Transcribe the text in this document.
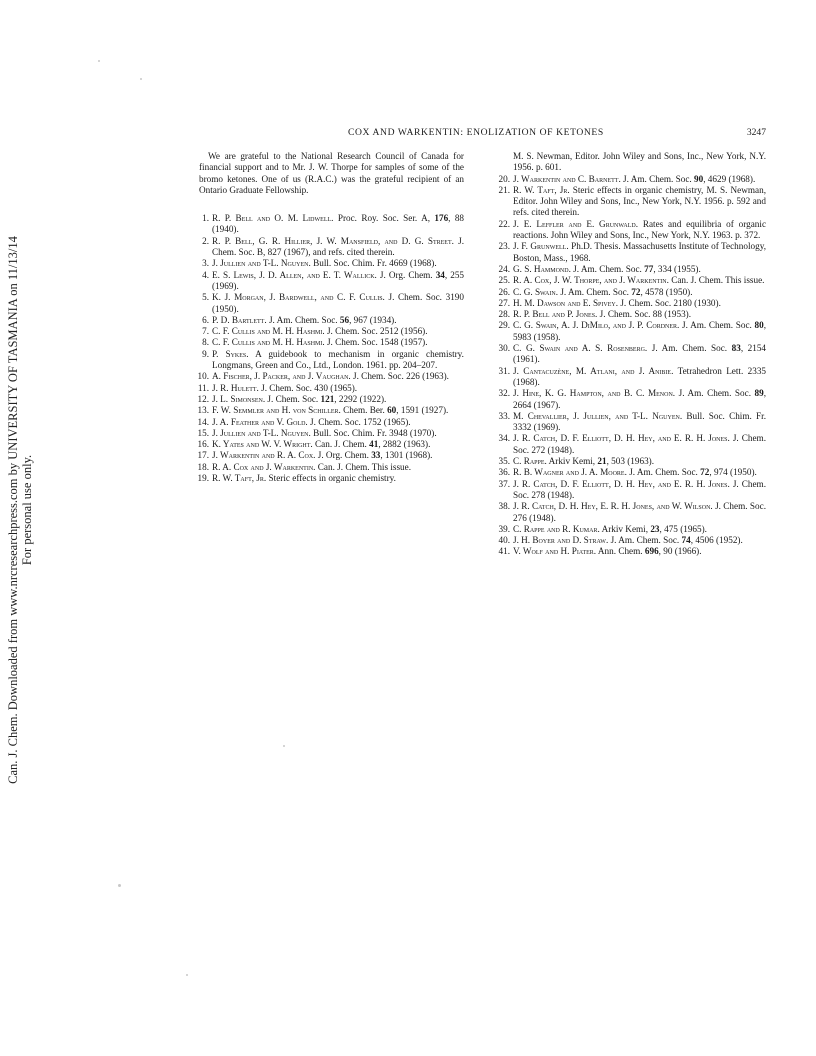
Can. J. Chem. Downloaded from www.nrcresearchpress.com by UNIVERSITY OF TASMANIA on 11/13/14 For personal use only.
COX AND WARKENTIN: ENOLIZATION OF KETONES	3247

We are grateful to the National Research Council of Canada for financial support and to Mr. J. W. Thorpe for samples of some of the bromo ketones. One of us (R.A.C.) was the grateful recipient of an Ontario Graduate Fellowship.

1. R. P. Bell and O. M. Lidwell. Proc. Roy. Soc. Ser. A, 176, 88 (1940).
2. R. P. Bell, G. R. Hillier, J. W. Mansfield, and D. G. Street. J. Chem. Soc. B, 827 (1967), and refs. cited therein.
3. J. Jullien and T-L. Nguyen. Bull. Soc. Chim. Fr. 4669 (1968).
4. E. S. Lewis, J. D. Allen, and E. T. Wallick. J. Org. Chem. 34, 255 (1969).
5. K. J. Morgan, J. Bardwell, and C. F. Cullis. J. Chem. Soc. 3190 (1950).
6. P. D. Bartlett. J. Am. Chem. Soc. 56, 967 (1934).
7. C. F. Cullis and M. H. Hashmi. J. Chem. Soc. 2512 (1956).
8. C. F. Cullis and M. H. Hashmi. J. Chem. Soc. 1548 (1957).
9. P. Sykes. A guidebook to mechanism in organic chemistry. Longmans, Green and Co., Ltd., London. 1961. pp. 204–207.
10. A. Fischer, J. Packer, and J. Vaughan. J. Chem. Soc. 226 (1963).
11. J. R. Hulett. J. Chem. Soc. 430 (1965).
12. J. L. Simonsen. J. Chem. Soc. 121, 2292 (1922).
13. F. W. Semmler and H. von Schiller. Chem. Ber. 60, 1591 (1927).
14. J. A. Feather and V. Gold. J. Chem. Soc. 1752 (1965).
15. J. Jullien and T-L. Nguyen. Bull. Soc. Chim. Fr. 3948 (1970).
16. K. Yates and W. V. Wright. Can. J. Chem. 41, 2882 (1963).
17. J. Warkentin and R. A. Cox. J. Org. Chem. 33, 1301 (1968).
18. R. A. Cox and J. Warkentin. Can. J. Chem. This issue.
19. R. W. Taft, Jr. Steric effects in organic chemistry.

M. S. Newman, Editor. John Wiley and Sons, Inc., New York, N.Y. 1956. p. 601.

20. J. Warkentin and C. Barnett. J. Am. Chem. Soc. 90, 4629 (1968).
21. R. W. Taft, Jr. Steric effects in organic chemistry, M. S. Newman, Editor. John Wiley and Sons, Inc., New York, N.Y. 1956. p. 592 and refs. cited therein.
22. J. E. Leffler and E. Grunwald. Rates and equilibria of organic reactions. John Wiley and Sons, Inc., New York, N.Y. 1963. p. 372.
23. J. F. Grunwell. Ph.D. Thesis. Massachusetts Institute of Technology, Boston, Mass., 1968.
24. G. S. Hammond. J. Am. Chem. Soc. 77, 334 (1955).
25. R. A. Cox, J. W. Thorpe, and J. Warkentin. Can. J. Chem. This issue.
26. C. G. Swain. J. Am. Chem. Soc. 72, 4578 (1950).
27. H. M. Dawson and E. Spivey. J. Chem. Soc. 2180 (1930).
28. R. P. Bell and P. Jones. J. Chem. Soc. 88 (1953).
29. C. G. Swain, A. J. DiMilo, and J. P. Cordner. J. Am. Chem. Soc. 80, 5983 (1958).
30. C. G. Swain and A. S. Rosenberg. J. Am. Chem. Soc. 83, 2154 (1961).
31. J. Cantacuzène, M. Atlani, and J. Anibie. Tetrahedron Lett. 2335 (1968).
32. J. Hine, K. G. Hampton, and B. C. Menon. J. Am. Chem. Soc. 89, 2664 (1967).
33. M. Chevallier, J. Jullien, and T-L. Nguyen. Bull. Soc. Chim. Fr. 3332 (1969).
34. J. R. Catch, D. F. Elliott, D. H. Hey, and E. R. H. Jones. J. Chem. Soc. 272 (1948).
35. C. Rappe. Arkiv Kemi, 21, 503 (1963).
36. R. B. Wagner and J. A. Moore. J. Am. Chem. Soc. 72, 974 (1950).
37. J. R. Catch, D. F. Elliott, D. H. Hey, and E. R. H. Jones. J. Chem. Soc. 278 (1948).
38. J. R. Catch, D. H. Hey, E. R. H. Jones, and W. Wilson. J. Chem. Soc. 276 (1948).
39. C. Rappe and R. Kumar. Arkiv Kemi, 23, 475 (1965).
40. J. H. Boyer and D. Straw. J. Am. Chem. Soc. 74, 4506 (1952).
41. V. Wolf and H. Piater. Ann. Chem. 696, 90 (1966).
